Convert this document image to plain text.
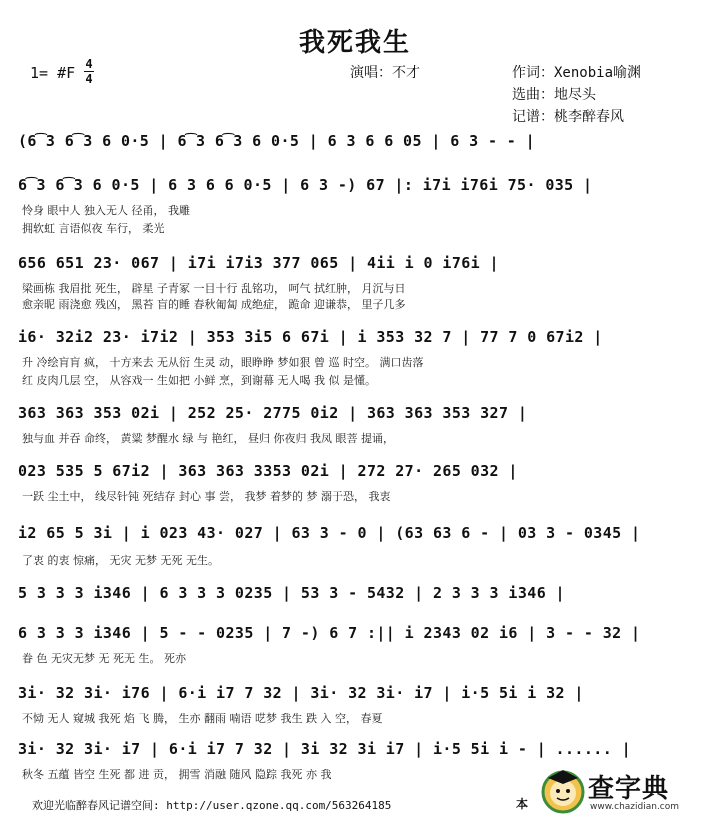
我死我生
1= #F 4
4	演唱：不才	作词：Xenobia喻渊
选曲：地尽头
记谱：桃李醉春风
(6͡3 6͡3 6 0·5 | 6͡3 6͡3 6 0·5 | 6 3 6 6 05 | 6 3 - - |
6͡3 6͡3 6 0·5 | 6 3 6 6 0·5 | 6 3 -) 67 |: i7i i76i 75· 035 |
怜身 眼中人 独入无人 径甬， 我雕
拥软虹 言语似夜 车行， 柔光
656 651 23· 067 | i7i i7i3 377 065 | 4ii i 0 i76i |
梁画栋 我眉批 死生， 辟星 子青冢 一目十行 乱铭功， 呵气 拭红肿， 月沉与日
愈亲昵 雨浇愈 残凶， 黑苔 盲的睡 春秋匍匐 成绝症， 跪命 迎谦恭， 里子几多
i6· 32i2 23· i7i2 | 353 3i5 6 67i | i 353 32 7 | 77 7 0 67i2 |
升 冷绘肓肓 疯， 十方来去 无从衍 生灵 动，眼睁睁 梦如狠 曾 巡 时空。 满口齿落
红 皮肉几层 空， 从容戏一 生如把 小鲜 烹，到谢幕 无人喝 我 似 是懂。
363 363 353 02i | 252 25· 2775 0i2 | 363 363 353 327 |
独与血 并吞 命终， 黄粱 梦醒水 绿 与 艳红， 昼归 你夜归 我凤 眼菩 提诵，
023 535 5 67i2 | 363 363 3353 02i | 272 27· 265 032 |
一跃 尘土中， 线尽针钝 死结存 封心 事 尝， 我梦 着梦的 梦 溺于恐， 我衷
i2 65 5 3i | i 023 43· 027 | 63 3 - 0 | (63 63 6 - | 03 3 - 0345 |
了衷 的衷 惊痛， 无灾 无梦 无死 无生。
5 3 3 3 i346 | 6 3 3 3 0235 | 53 3 - 5432 | 2 3 3 3 i346 |
6 3 3 3 i346 | 5 - - 0235 | 7 -) 6 7 :|| i 2343 02 i6 | 3 - - 32 |
眷 色 无灾无梦 无 死无 生。 死亦
3i· 32 3i· i76 | 6·i i7 7 32 | 3i· 32 3i· i7 | i·5 5i i 32 |
不恸 无人 窥城 我死 焰 飞 腾， 生亦 翻雨 喃语 呓梦 我生 跌 入 空， 春夏
3i· 32 3i· i7 | 6·i i7 7 32 | 3i 32 3i i7 | i·5 5i i - | ...... |
秋冬 五蕴 皆空 生死 都 进 贡， 拥雪 消融 随风 隐踪 我死 亦 我
欢迎光临醉春风记谱空间: http://user.qzone.qq.com/563264185	本 查字典
www.chazidian.com
